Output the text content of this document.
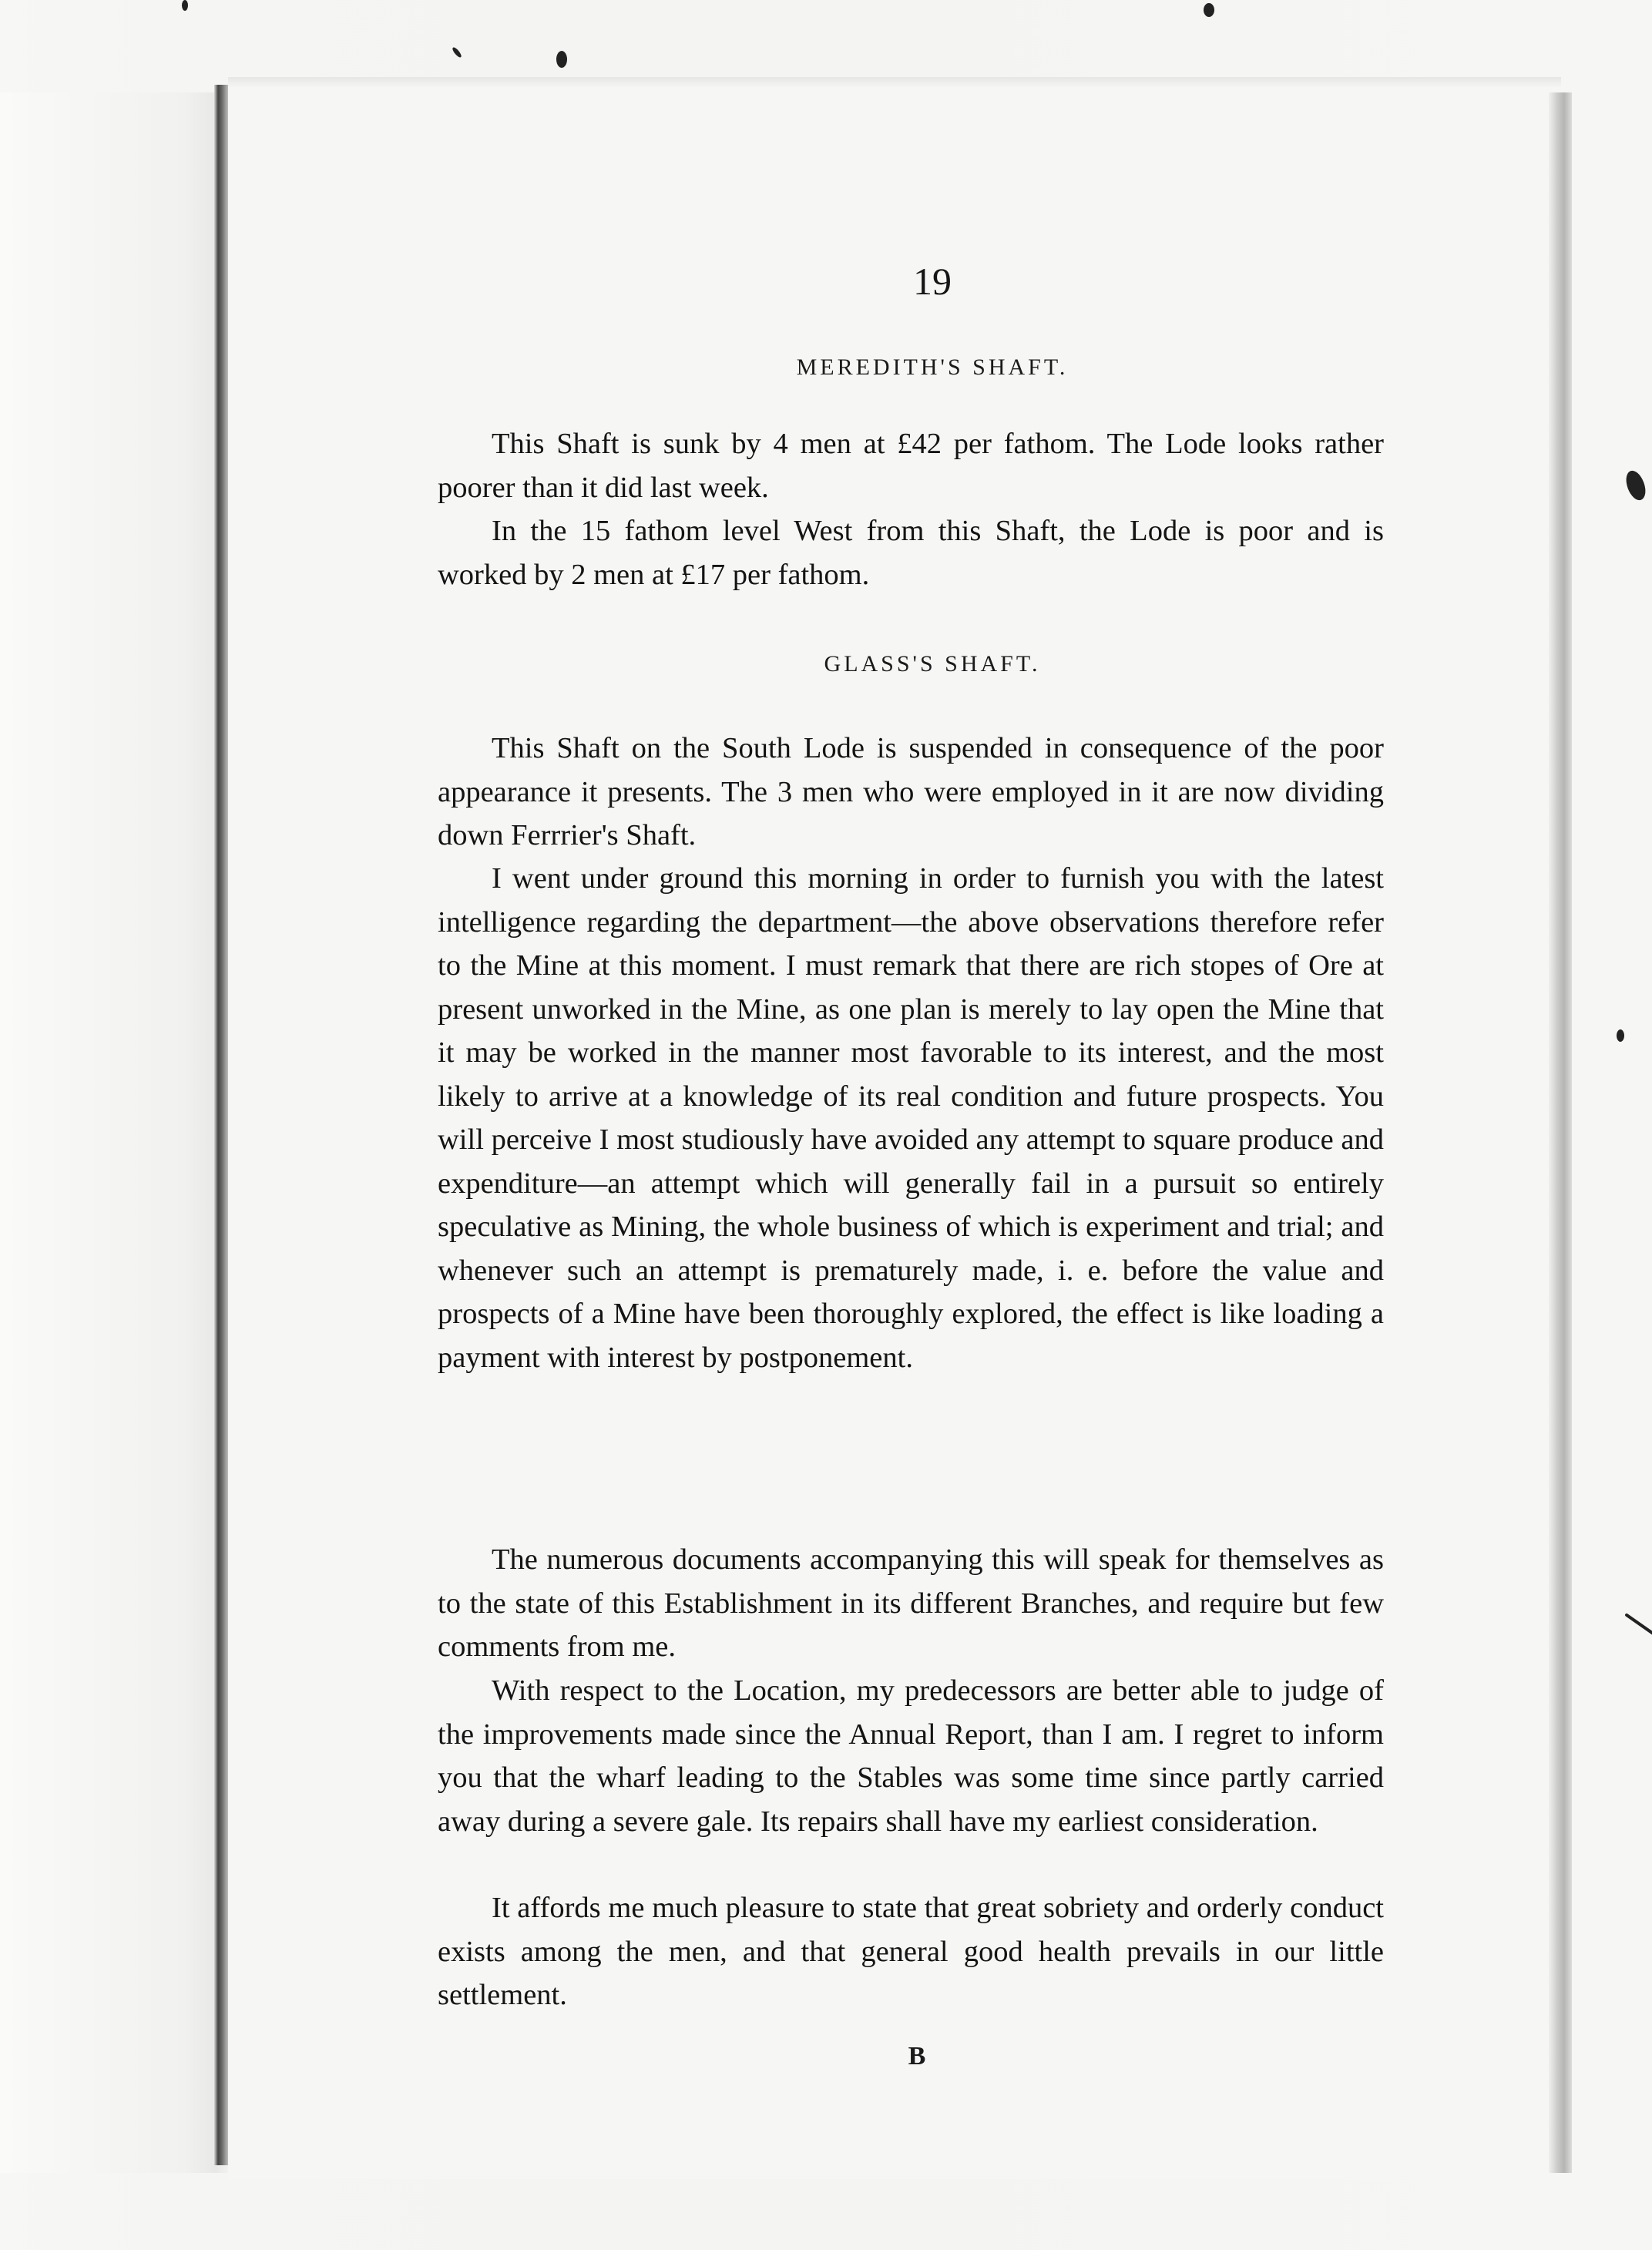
19
MEREDITH'S SHAFT.
This Shaft is sunk by 4 men at £42 per fathom. The Lode looks rather poorer than it did last week.
In the 15 fathom level West from this Shaft, the Lode is poor and is worked by 2 men at £17 per fathom.
GLASS'S SHAFT.
This Shaft on the South Lode is suspended in consequence of the poor appearance it presents. The 3 men who were employed in it are now dividing down Ferrrier's Shaft.
I went under ground this morning in order to furnish you with the latest intelligence regarding the department—the above observations therefore refer to the Mine at this moment. I must remark that there are rich stopes of Ore at present unworked in the Mine, as one plan is merely to lay open the Mine that it may be worked in the manner most favorable to its interest, and the most likely to arrive at a knowledge of its real condition and future prospects. You will perceive I most studiously have avoided any attempt to square produce and expenditure—an attempt which will generally fail in a pursuit so entirely speculative as Mining, the whole business of which is experiment and trial; and whenever such an attempt is prematurely made, i. e. before the value and prospects of a Mine have been thoroughly explored, the effect is like loading a payment with interest by postponement.
The numerous documents accompanying this will speak for themselves as to the state of this Establishment in its different Branches, and require but few comments from me.
With respect to the Location, my predecessors are better able to judge of the improvements made since the Annual Report, than I am. I regret to inform you that the wharf leading to the Stables was some time since partly carried away during a severe gale. Its repairs shall have my earliest consideration.
It affords me much pleasure to state that great sobriety and orderly conduct exists among the men, and that general good health prevails in our little settlement.
B
